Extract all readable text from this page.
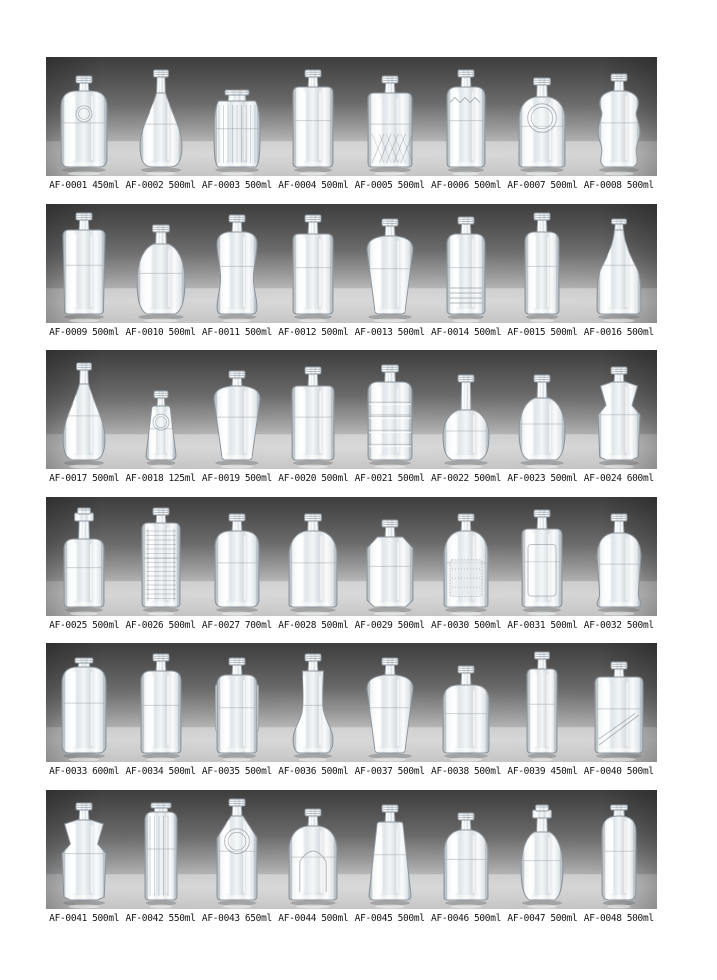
AF-0001 450ml AF-0002 500ml AF-0003 500ml AF-0004 500ml AF-0005 500ml AF-0006 500ml AF-0007 500ml AF-0008 500ml
AF-0009 500ml AF-0010 500ml AF-0011 500ml AF-0012 500ml AF-0013 500ml AF-0014 500ml AF-0015 500ml AF-0016 500ml
AF-0017 500ml AF-0018 125ml AF-0019 500ml AF-0020 500ml AF-0021 500ml AF-0022 500ml AF-0023 500ml AF-0024 600ml
AF-0025 500ml AF-0026 500ml AF-0027 700ml AF-0028 500ml AF-0029 500ml AF-0030 500ml AF-0031 500ml AF-0032 500ml
AF-0033 600ml AF-0034 500ml AF-0035 500ml AF-0036 500ml AF-0037 500ml AF-0038 500ml AF-0039 450ml AF-0040 500ml
AF-0041 500ml AF-0042 550ml AF-0043 650ml AF-0044 500ml AF-0045 500ml AF-0046 500ml AF-0047 500ml AF-0048 500ml
